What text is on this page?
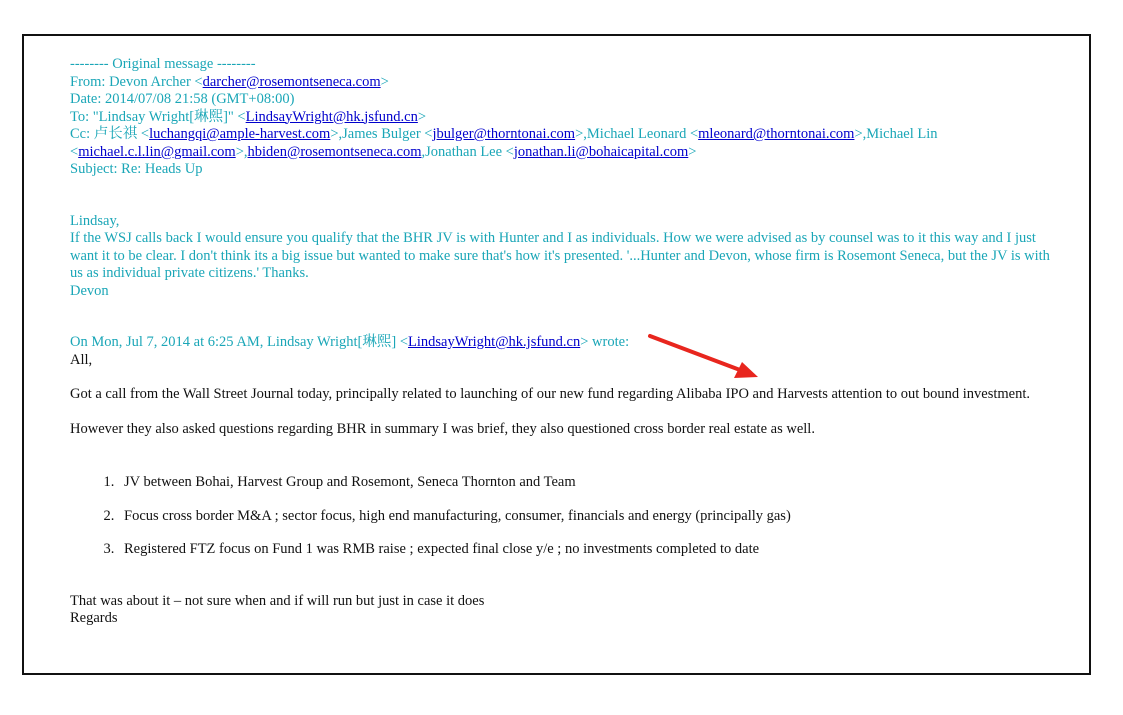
-------- Original message --------
From: Devon Archer <darcher@rosemontseneca.com>
Date: 2014/07/08 21:58 (GMT+08:00)
To: "Lindsay Wright[琳熙]" <LindsayWright@hk.jsfund.cn>
Cc: 卢长祺 <luchangqi@ample-harvest.com>,James Bulger <jbulger@thorntonai.com>,Michael Leonard <mleonard@thorntonai.com>,Michael Lin
<michael.c.l.lin@gmail.com>,hbiden@rosemontseneca.com,Jonathan Lee <jonathan.li@bohaicapital.com>
Subject: Re: Heads Up
Lindsay,
If the WSJ calls back I would ensure you qualify that the BHR JV is with Hunter and I as individuals. How we were advised as by counsel was to it this way and I just want it to be clear. I don't think its a big issue but wanted to make sure that's how it's presented. '...Hunter and Devon, whose firm is Rosemont Seneca, but the JV is with us as individual private citizens.' Thanks.
Devon
On Mon, Jul 7, 2014 at 6:25 AM, Lindsay Wright[琳熙] <LindsayWright@hk.jsfund.cn> wrote:
All,
Got a call from the Wall Street Journal today, principally related to launching of our new fund regarding Alibaba IPO and Harvests attention to out bound investment.
However they also asked questions regarding BHR in summary I was brief, they also questioned cross border real estate as well.
1. JV between Bohai, Harvest Group and Rosemont, Seneca Thornton and Team
2. Focus cross border M&A ; sector focus, high end manufacturing, consumer, financials and energy (principally gas)
3. Registered FTZ focus on Fund 1 was RMB raise ; expected final close y/e ; no investments completed to date
That was about it – not sure when and if will run but just in case it does
Regards
